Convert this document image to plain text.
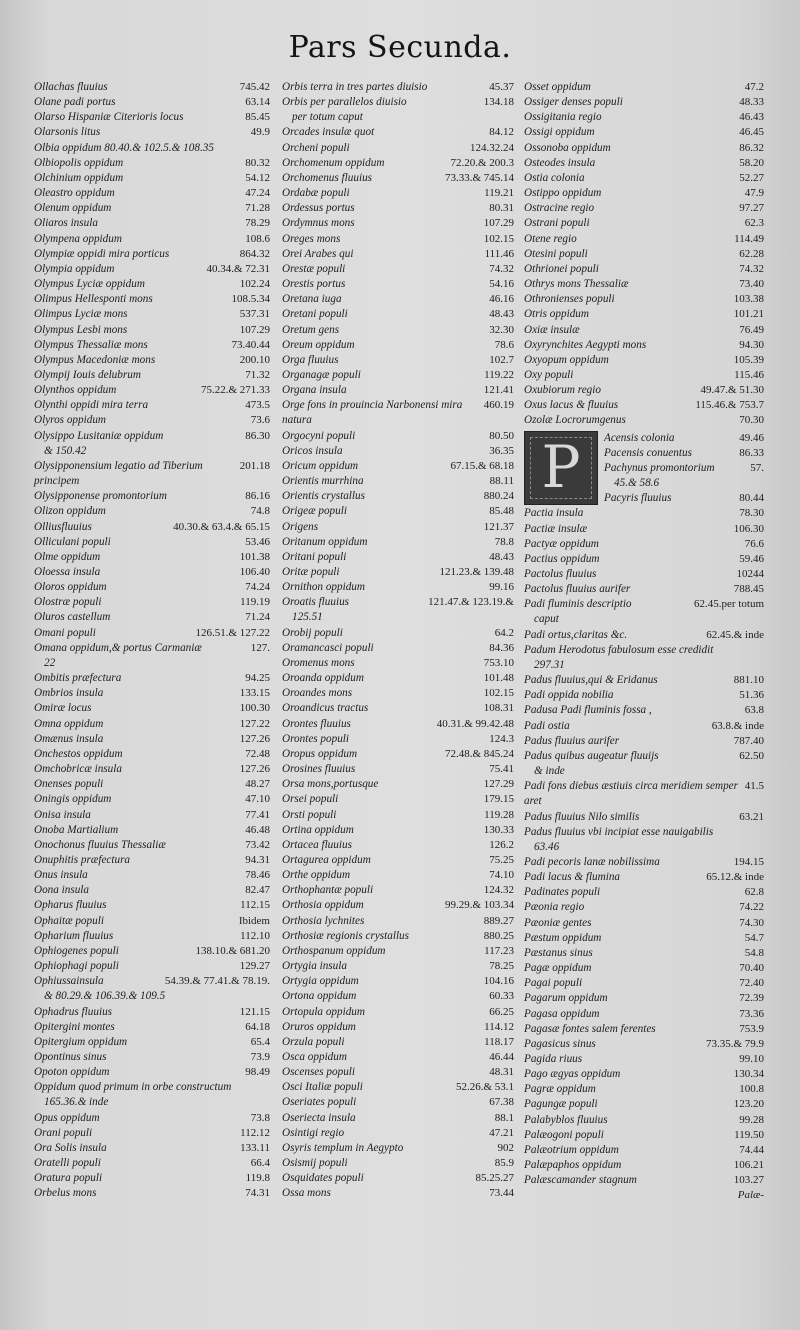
Pars Secunda.
Ollachas fluuius	745.42
Olane padi portus	63.14
Olarso Hispaniæ Citerioris locus	85.45
Olarsonis litus	49.9
Olbia oppidum 80.40.& 102.5.& 108.35
Olbiopolis oppidum	80.32
Olchinium oppidum	54.12
Oleastro oppidum	47.24
Olenum oppidum	71.28
Oliaros insula	78.29
Olympena oppidum	108.6
Olympiæ oppidi mira porticus	864.32
Olympia oppidum	40.34.& 72.31
Olympus Lyciæ oppidum	102.24
Olimpus Hellesponti mons	108.5.34
Olimpus Lyciæ mons	537.31
Olympus Lesbi mons	107.29
Olympus Thessaliæ mons	73.40.44
Olympus Macedoniæ mons	200.10
Olympij Iouis delubrum	71.32
Olynthos oppidum	75.22.& 271.33
Olynthi oppidi mira terra	473.5
Olyros oppidum	73.6
Olysippo Lusitaniæ oppidum	86.30
& 150.42
Olysipponensium legatio ad Tiberium principem
201.18
Olysipponense promontorium	86.16
Olizon oppidum	74.8
Olliusfluuius	40.30.& 63.4.& 65.15
Olliculani populi	53.46
Olme oppidum	101.38
Oloessa insula	106.40
Oloros oppidum	74.24
Olostræ populi	119.19
Oluros castellum	71.24
Omani populi	126.51.& 127.22
Omana oppidum,& portus Carmaniæ	127.
22
Ombitis præfectura	94.25
Ombrios insula	133.15
Omiræ locus	100.30
Omna oppidum	127.22
Omænus insula	127.26
Onchestos oppidum	72.48
Omchobricæ insula	127.26
Onenses populi	48.27
Oningis oppidum	47.10
Onisa insula	77.41
Onoba Martialium	46.48
Onochonus fluuius Thessaliæ	73.42
Onuphitis præfectura	94.31
Onus insula	78.46
Oona insula	82.47
Opharus fluuius	112.15
Ophaitæ populi	Ibidem
Opharium fluuius	112.10
Ophiogenes populi	138.10.& 681.20
Ophiophagi populi	129.27
Ophiussainsula	54.39.& 77.41.& 78.19.
& 80.29.& 106.39.& 109.5
Ophadrus fluuius	121.15
Opitergini montes	64.18
Opitergium oppidum	65.4
Opontinus sinus	73.9
Opoton oppidum	98.49
Oppidum quod primum in orbe constructum
165.36.& inde
Opus oppidum	73.8
Orani populi	112.12
Ora Solis insula	133.11
Oratelli populi	66.4
Oratura populi	119.8
Orbelus mons	74.31
Orbis terra in tres partes diuisio	45.37
Orbis per parallelos diuisio	134.18
per totum caput
Orcades insulæ quot	84.12
Orcheni populi	124.32.24
Orchomenum oppidum	72.20.& 200.3
Orchomenus fluuius	73.33.& 745.14
Ordabæ populi	119.21
Ordessus portus	80.31
Ordymnus mons	107.29
Oreges mons	102.15
Orei Arabes qui	111.46
Orestæ populi	74.32
Orestis portus	54.16
Oretana iuga	46.16
Oretani populi	48.43
Oretum gens	32.30
Oreum oppidum	78.6
Orga fluuius	102.7
Organagæ populi	119.22
Organa insula	121.41
Orge fons in prouincia Narbonensi mira natura
460.19
Orgocyni populi	80.50
Oricos insula	36.35
Oricum oppidum	67.15.& 68.18
Orientis murrhina	88.11
Orientis crystallus	880.24
Origeæ populi	85.48
Origens	121.37
Oritanum oppidum	78.8
Oritani populi	48.43
Oritæ populi	121.23.& 139.48
Ornithon oppidum	99.16
Oroatis fluuius	121.47.& 123.19.&
125.51
Orobij populi	64.2
Oramancasci populi	84.36
Oromenus mons	753.10
Oroanda oppidum	101.48
Oroandes mons	102.15
Oroandicus tractus	108.31
Orontes fluuius	40.31.& 99.42.48
Orontes populi	124.3
Oropus oppidum	72.48.& 845.24
Orosines fluuius	75.41
Orsa mons,portusque	127.29
Orsei populi	179.15
Orsti populi	119.28
Ortina oppidum	130.33
Ortacea fluuius	126.2
Ortagurea oppidum	75.25
Orthe oppidum	74.10
Orthophantæ populi	124.32
Orthosia oppidum	99.29.& 103.34
Orthosia lychnites	889.27
Orthosiæ regionis crystallus	880.25
Orthospanum oppidum	117.23
Ortygia insula	78.25
Ortygia oppidum	104.16
Ortona oppidum	60.33
Ortopula oppidum	66.25
Oruros oppidum	114.12
Orzula populi	118.17
Osca oppidum	46.44
Oscenses populi	48.31
Osci Italiæ populi	52.26.& 53.1
Oseriates populi	67.38
Oseriecta insula	88.1
Osintigi regio	47.21
Osyris templum in Aegypto	902
Osismij populi	85.9
Osquidates populi	85.25.27
Ossa mons	73.44
Osset oppidum	47.2
Ossiger denses populi	48.33
Ossigitania regio	46.43
Ossigi oppidum	46.45
Ossonoba oppidum	86.32
Osteodes insula	58.20
Ostia colonia	52.27
Ostippo oppidum	47.9
Ostracine regio	97.27
Ostrani populi	62.3
Otene regio	114.49
Otesini populi	62.28
Othrionei populi	74.32
Othrys mons Thessaliæ	73.40
Othronienses populi	103.38
Otris oppidum	101.21
Oxiæ insulæ	76.49
Oxyrynchites Aegypti mons	94.30
Oxyopum oppidum	105.39
Oxy populi	115.46
Oxubiorum regio	49.47.& 51.30
Oxus lacus & fluuius	115.46.& 753.7
Ozolæ Locrorumgenus	70.30
P	Acensis colonia	49.46
Pacensis conuentus	86.33
Pachynus promontorium	57.
45.& 58.6
Pacyris fluuius	80.44
Pactia insula	78.30
Pactiæ insulæ	106.30
Pactyæ oppidum	76.6
Pactius oppidum	59.46
Pactolus fluuius	10244
Pactolus fluuius aurifer	788.45
Padi fluminis descriptio	62.45.per totum
caput
Padi ortus,claritas &c.	62.45.& inde
Padum Herodotus fabulosum esse credidit
297.31
Padus fluuius,qui & Eridanus	881.10
Padi oppida nobilia	51.36
Padusa Padi fluminis fossa ,	63.8
Padi ostia	63.8.& inde
Padus fluuius aurifer	787.40
Padus quibus augeatur fluuijs	62.50
& inde
Padi fons diebus æstiuis circa meridiem semper aret
41.5
Padus fluuius Nilo similis	63.21
Padus fluuius vbi incipiat esse nauigabilis
63.46
Padi pecoris lanæ nobilissima	194.15
Padi lacus & flumina	65.12.& inde
Padinates populi	62.8
Pæonia regio	74.22
Pæoniæ gentes	74.30
Pæstum oppidum	54.7
Pæstanus sinus	54.8
Pagæ oppidum	70.40
Pagai populi	72.40
Pagarum oppidum	72.39
Pagasa oppidum	73.36
Pagasæ fontes salem ferentes	753.9
Pagasicus sinus	73.35.& 79.9
Pagida riuus	99.10
Pago ægyas oppidum	130.34
Pagræ oppidum	100.8
Pagungæ populi	123.20
Palabyblos fluuius	99.28
Palæogoni populi	119.50
Palæotrium oppidum	74.44
Palæpaphos oppidum	106.21
Palæscamander stagnum	103.27
Palæ-
